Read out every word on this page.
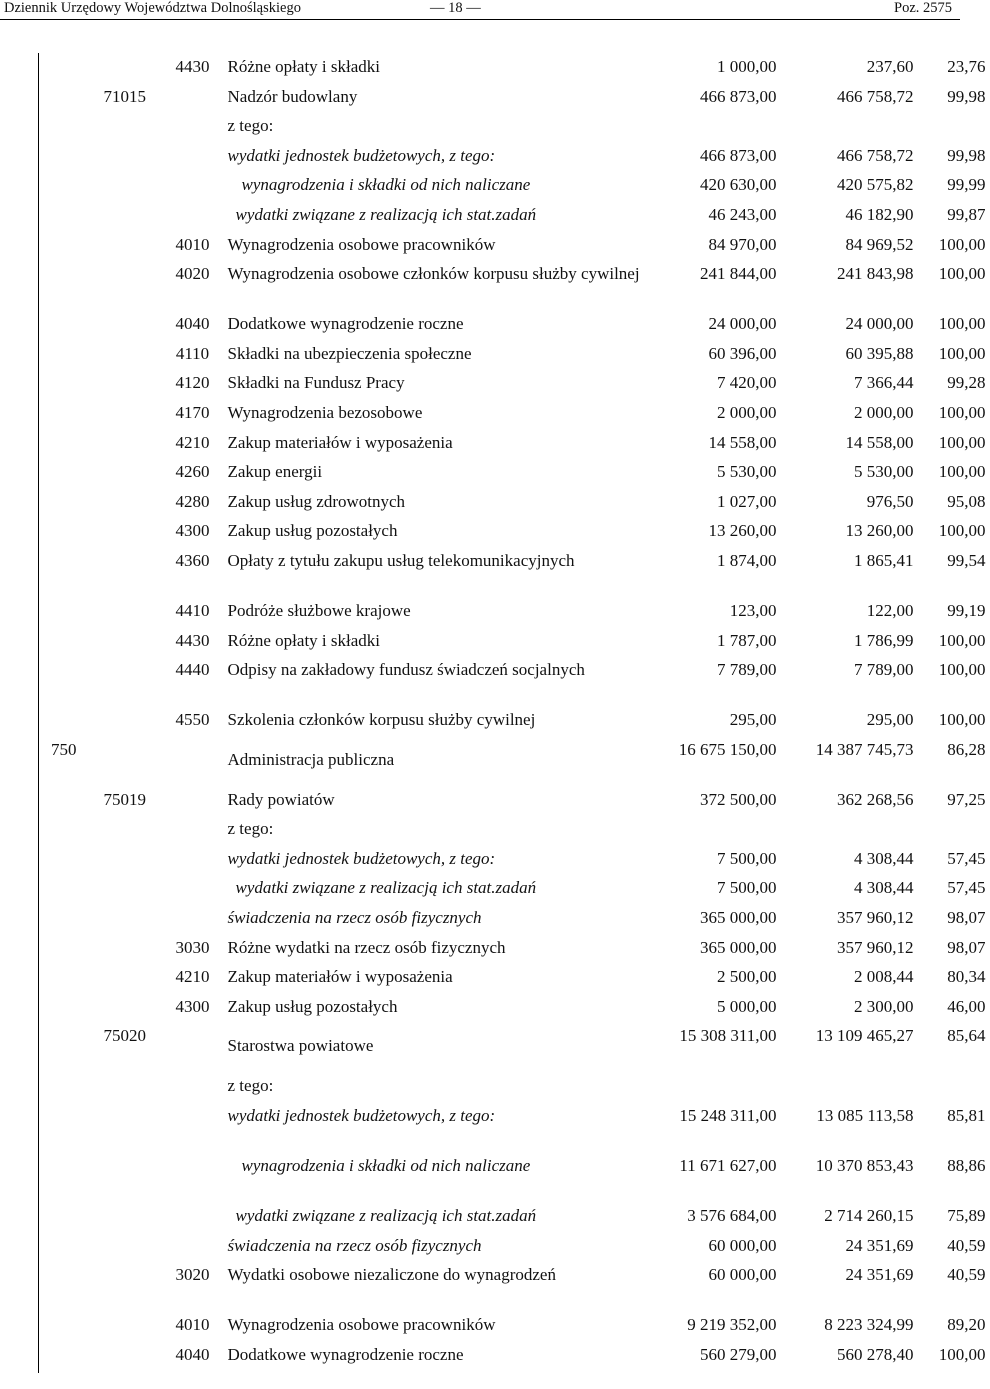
Dziennik Urzędowy Województwa Dolnośląskiego	— 18 —	Poz. 2575
		4430	Różne opłaty i składki	1 000,00	237,60	23,76
	71015		Nadzór budowlany	466 873,00	466 758,72	99,98
			z tego:			
			wydatki jednostek budżetowych, z tego:	466 873,00	466 758,72	99,98
			wynagrodzenia i składki od nich naliczane	420 630,00	420 575,82	99,99
			wydatki związane z realizacją ich stat.zadań	46 243,00	46 182,90	99,87
		4010	Wynagrodzenia osobowe pracowników	84 970,00	84 969,52	100,00
		4020	Wynagrodzenia osobowe członków korpusu służby cywilnej	241 844,00	241 843,98	100,00
		4040	Dodatkowe wynagrodzenie roczne	24 000,00	24 000,00	100,00
		4110	Składki na ubezpieczenia społeczne	60 396,00	60 395,88	100,00
		4120	Składki na Fundusz Pracy	7 420,00	7 366,44	99,28
		4170	Wynagrodzenia bezosobowe	2 000,00	2 000,00	100,00
		4210	Zakup materiałów i wyposażenia	14 558,00	14 558,00	100,00
		4260	Zakup energii	5 530,00	5 530,00	100,00
		4280	Zakup usług zdrowotnych	1 027,00	976,50	95,08
		4300	Zakup usług pozostałych	13 260,00	13 260,00	100,00
		4360	Opłaty z tytułu zakupu usług telekomunikacyjnych	1 874,00	1 865,41	99,54
		4410	Podróże służbowe krajowe	123,00	122,00	99,19
		4430	Różne opłaty i składki	1 787,00	1 786,99	100,00
		4440	Odpisy na zakładowy fundusz świadczeń socjalnych	7 789,00	7 789,00	100,00
		4550	Szkolenia członków korpusu służby cywilnej	295,00	295,00	100,00
750			Administracja publiczna	16 675 150,00	14 387 745,73	86,28
	75019		Rady powiatów	372 500,00	362 268,56	97,25
			z tego:			
			wydatki jednostek budżetowych, z tego:	7 500,00	4 308,44	57,45
			wydatki związane z realizacją ich stat.zadań	7 500,00	4 308,44	57,45
			świadczenia na rzecz osób fizycznych	365 000,00	357 960,12	98,07
		3030	Różne wydatki na rzecz osób fizycznych	365 000,00	357 960,12	98,07
		4210	Zakup materiałów i wyposażenia	2 500,00	2 008,44	80,34
		4300	Zakup usług pozostałych	5 000,00	2 300,00	46,00
	75020		Starostwa powiatowe	15 308 311,00	13 109 465,27	85,64
			z tego:			
			wydatki jednostek budżetowych, z tego:	15 248 311,00	13 085 113,58	85,81
			wynagrodzenia i składki od nich naliczane	11 671 627,00	10 370 853,43	88,86
			wydatki związane z realizacją ich stat.zadań	3 576 684,00	2 714 260,15	75,89
			świadczenia na rzecz osób fizycznych	60 000,00	24 351,69	40,59
		3020	Wydatki osobowe niezaliczone do wynagrodzeń	60 000,00	24 351,69	40,59
		4010	Wynagrodzenia osobowe pracowników	9 219 352,00	8 223 324,99	89,20
		4040	Dodatkowe wynagrodzenie roczne	560 279,00	560 278,40	100,00
